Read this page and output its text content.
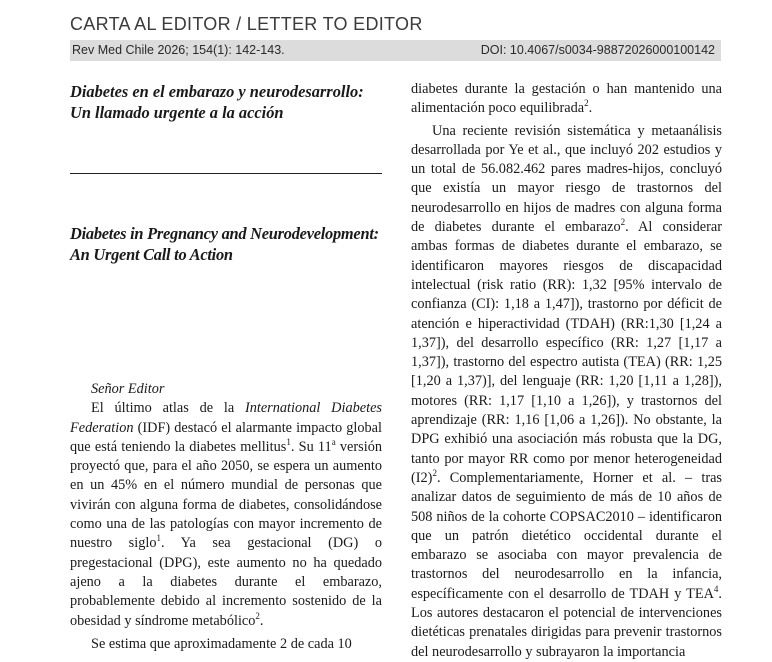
CARTA AL EDITOR / LETTER TO EDITOR
Rev Med Chile 2026; 154(1): 142-143.	DOI: 10.4067/s0034-98872026000100142

Diabetes en el embarazo y neurodesarrollo:

Un llamado urgente a la acción

Diabetes in Pregnancy and Neurodevelopment:

An Urgent Call to Action

Señor Editor

El último atlas de la International Diabetes Federation (IDF) destacó el alarmante impacto global que está teniendo la diabetes mellitus$^1$. Su 11$^a$ versión proyectó que, para el año 2050, se espera un aumento en un 45% en el número mundial de personas que vivirán con alguna forma de diabetes, consolidándose como una de las patologías con mayor incremento de nuestro siglo$^1$. Ya sea gestacional (DG) o pregestacional (DPG), este aumento no ha quedado ajeno a la diabetes durante el embarazo, probablemente debido al incremento sostenido de la obesidad y síndrome metabólico$^2$.

Se estima que aproximadamente 2 de cada 10

diabetes durante la gestación o han mantenido una alimentación poco equilibrada$^2$.

Una reciente revisión sistemática y metaanálisis desarrollada por Ye et al., que incluyó 202 estudios y un total de 56.082.462 pares madres-hijos, concluyó que existía un mayor riesgo de trastornos del neurodesarrollo en hijos de madres con alguna forma de diabetes durante el embarazo$^2$. Al considerar ambas formas de diabetes durante el embarazo, se identificaron mayores riesgos de discapacidad intelectual (risk ratio (RR): 1,32 [95% intervalo de confianza (CI): 1,18 a 1,47]), trastorno por déficit de atención e hiperactividad (TDAH) (RR:1,30 [1,24 a 1,37]), del desarrollo específico (RR: 1,27 [1,17 a 1,37]), trastorno del espectro autista (TEA) (RR: 1,25 [1,20 a 1,37)], del lenguaje (RR: 1,20 [1,11 a 1,28]), motores (RR: 1,17 [1,10 a 1,26]), y trastornos del aprendizaje (RR: 1,16 [1,06 a 1,26]). No obstante, la DPG exhibió una asociación más robusta que la DG, tanto por mayor RR como por menor heterogeneidad $(I2)^2$. Complementariamente, Horner et al. – tras analizar datos de seguimiento de más de 10 años de 508 niños de la cohorte COPSAC2010 – identificaron que un patrón dietético occidental durante el embarazo se asociaba con mayor prevalencia de trastornos del neurodesarrollo en la infancia, específicamente con el desarrollo de TDAH y TEA$^4$. Los autores destacaron el potencial de intervenciones dietéticas prenatales dirigidas para prevenir trastornos del neurodesarrollo y subrayaron la importancia
